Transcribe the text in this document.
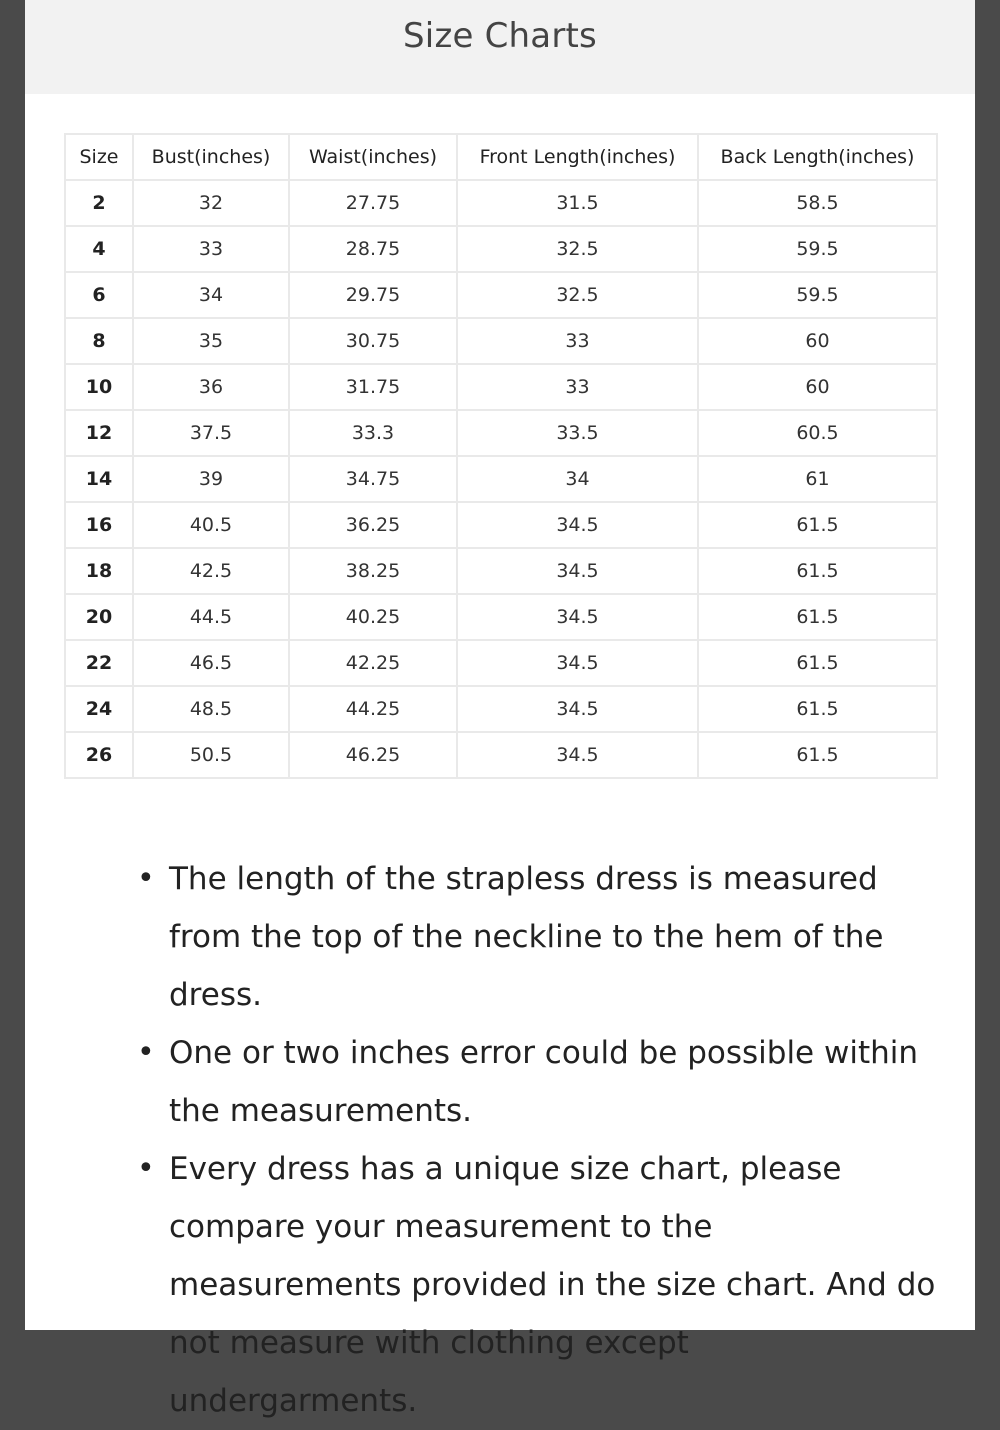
Size Charts
Size	Bust(inches)	Waist(inches)	Front Length(inches)	Back Length(inches)
2	32	27.75	31.5	58.5
4	33	28.75	32.5	59.5
6	34	29.75	32.5	59.5
8	35	30.75	33	60
10	36	31.75	33	60
12	37.5	33.3	33.5	60.5
14	39	34.75	34	61
16	40.5	36.25	34.5	61.5
18	42.5	38.25	34.5	61.5
20	44.5	40.25	34.5	61.5
22	46.5	42.25	34.5	61.5
24	48.5	44.25	34.5	61.5
26	50.5	46.25	34.5	61.5
• The length of the strapless dress is measured from the top of the neckline to the hem of the dress.
• One or two inches error could be possible within the measurements.
• Every dress has a unique size chart, please compare your measurement to the measurements provided in the size chart. And do not measure with clothing except undergarments.
